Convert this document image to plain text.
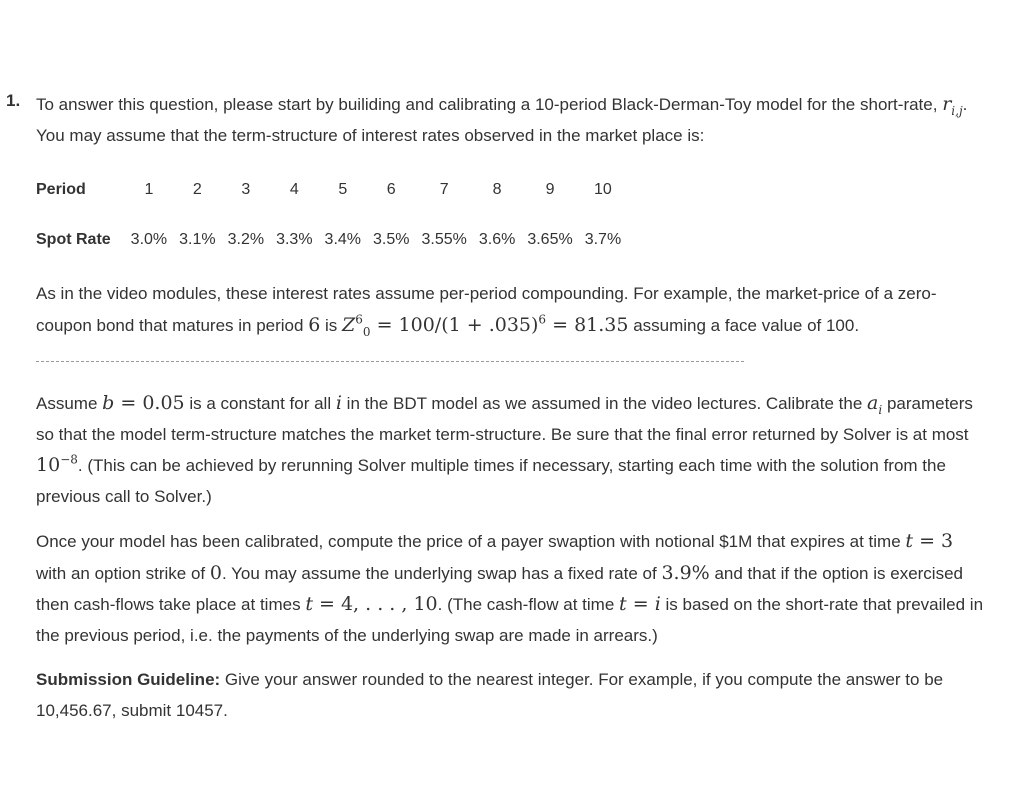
1. To answer this question, please start by builiding and calibrating a 10-period Black-Derman-Toy model for the short-rate, $r_{i,j}$. You may assume that the term-structure of interest rates observed in the market place is:

Period	1	2	3	4	5	6	7	8	9	10
Spot Rate	3.0%	3.1%	3.2%	3.3%	3.4%	3.5%	3.55%	3.6%	3.65%	3.7%

As in the video modules, these interest rates assume per-period compounding. For example, the market-price of a zero-coupon bond that matures in period 6 is $Z^6_0 = 100/(1 + .035)^6 = 81.35$ assuming a face value of 100.

Assume b = 0.05 is a constant for all i in the BDT model as we assumed in the video lectures. Calibrate the $a_i$ parameters so that the model term-structure matches the market term-structure. Be sure that the final error returned by Solver is at most $10^{-8}$. (This can be achieved by rerunning Solver multiple times if necessary, starting each time with the solution from the previous call to Solver.)

Once your model has been calibrated, compute the price of a payer swaption with notional $1M that expires at time t = 3 with an option strike of 0. You may assume the underlying swap has a fixed rate of 3.9% and that if the option is exercised then cash-flows take place at times t = 4, . . . , 10. (The cash-flow at time t = i is based on the short-rate that prevailed in the previous period, i.e. the payments of the underlying swap are made in arrears.)

Submission Guideline: Give your answer rounded to the nearest integer. For example, if you compute the answer to be 10,456.67, submit 10457.
